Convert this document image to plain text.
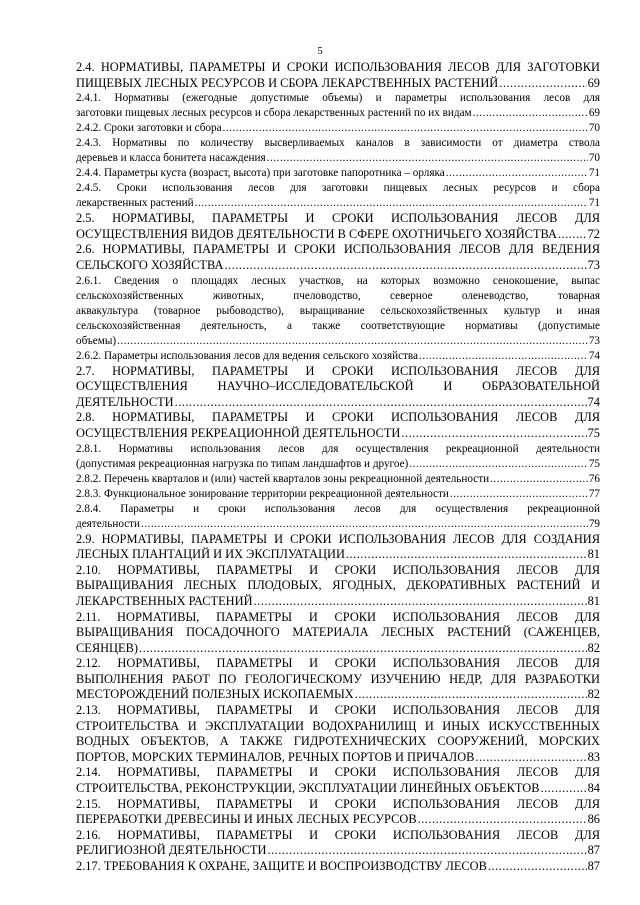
5
2.4. НОРМАТИВЫ, ПАРАМЕТРЫ И СРОКИ ИСПОЛЬЗОВАНИЯ ЛЕСОВ ДЛЯ ЗАГОТОВКИ
ПИЩЕВЫХ ЛЕСНЫХ РЕСУРСОВ И СБОРА ЛЕКАРСТВЕННЫХ РАСТЕНИЙ .....	69
2.4.1. Нормативы (ежегодные допустимые объемы) и параметры использования лесов для
заготовки пищевых лесных ресурсов и сбора лекарственных растений по их видам .....	69
2.4.2. Сроки заготовки и сбора .....	70
2.4.3. Нормативы по количеству высверливаемых каналов в зависимости от диаметра ствола
деревьев и класса бонитета насаждения .....	70
2.4.4. Параметры куста (возраст, высота) при заготовке папоротника – орляка .....	71
2.4.5. Сроки использования лесов для заготовки пищевых лесных ресурсов и сбора
лекарственных растений .....	71
2.5. НОРМАТИВЫ, ПАРАМЕТРЫ И СРОКИ ИСПОЛЬЗОВАНИЯ ЛЕСОВ ДЛЯ
ОСУЩЕСТВЛЕНИЯ ВИДОВ ДЕЯТЕЛЬНОСТИ В СФЕРЕ ОХОТНИЧЬЕГО ХОЗЯЙСТВА ..... 72
2.6. НОРМАТИВЫ, ПАРАМЕТРЫ И СРОКИ ИСПОЛЬЗОВАНИЯ ЛЕСОВ ДЛЯ ВЕДЕНИЯ
СЕЛЬСКОГО ХОЗЯЙСТВА .....	73
2.6.1. Сведения о площадях лесных участков, на которых возможно сенокошение, выпас
сельскохозяйственных животных, пчеловодство, северное оленеводство, товарная
аквакультура (товарное рыбоводство), выращивание сельскохозяйственных культур и иная
сельскохозяйственная деятельность, а также соответствующие нормативы (допустимые
объемы) .....	73
2.6.2. Параметры использования лесов для ведения сельского хозяйства .....	74
2.7. НОРМАТИВЫ, ПАРАМЕТРЫ И СРОКИ ИСПОЛЬЗОВАНИЯ ЛЕСОВ ДЛЯ
ОСУЩЕСТВЛЕНИЯ НАУЧНО–ИССЛЕДОВАТЕЛЬСКОЙ И ОБРАЗОВАТЕЛЬНОЙ
ДЕЯТЕЛЬНОСТИ .....	74
2.8. НОРМАТИВЫ, ПАРАМЕТРЫ И СРОКИ ИСПОЛЬЗОВАНИЯ ЛЕСОВ ДЛЯ
ОСУЩЕСТВЛЕНИЯ РЕКРЕАЦИОННОЙ ДЕЯТЕЛЬНОСТИ .....	75
2.8.1. Нормативы использования лесов для осуществления рекреационной деятельности
(допустимая рекреационная нагрузка по типам ландшафтов и другое) .....	75
2.8.2. Перечень кварталов и (или) частей кварталов зоны рекреационной деятельности .....	76
2.8.3. Функциональное зонирование территории рекреационной деятельности .....	77
2.8.4. Параметры и сроки использования лесов для осуществления рекреационной
деятельности .....	79
2.9. НОРМАТИВЫ, ПАРАМЕТРЫ И СРОКИ ИСПОЛЬЗОВАНИЯ ЛЕСОВ ДЛЯ СОЗДАНИЯ
ЛЕСНЫХ ПЛАНТАЦИЙ И ИХ ЭКСПЛУАТАЦИИ .....	81
2.10. НОРМАТИВЫ, ПАРАМЕТРЫ И СРОКИ ИСПОЛЬЗОВАНИЯ ЛЕСОВ ДЛЯ
ВЫРАЩИВАНИЯ ЛЕСНЫХ ПЛОДОВЫХ, ЯГОДНЫХ, ДЕКОРАТИВНЫХ РАСТЕНИЙ И
ЛЕКАРСТВЕННЫХ РАСТЕНИЙ .....	81
2.11. НОРМАТИВЫ, ПАРАМЕТРЫ И СРОКИ ИСПОЛЬЗОВАНИЯ ЛЕСОВ ДЛЯ
ВЫРАЩИВАНИЯ ПОСАДОЧНОГО МАТЕРИАЛА ЛЕСНЫХ РАСТЕНИЙ (САЖЕНЦЕВ,
СЕЯНЦЕВ) .....	82
2.12. НОРМАТИВЫ, ПАРАМЕТРЫ И СРОКИ ИСПОЛЬЗОВАНИЯ ЛЕСОВ ДЛЯ
ВЫПОЛНЕНИЯ РАБОТ ПО ГЕОЛОГИЧЕСКОМУ ИЗУЧЕНИЮ НЕДР, ДЛЯ РАЗРАБОТКИ
МЕСТОРОЖДЕНИЙ ПОЛЕЗНЫХ ИСКОПАЕМЫХ .....	82
2.13. НОРМАТИВЫ, ПАРАМЕТРЫ И СРОКИ ИСПОЛЬЗОВАНИЯ ЛЕСОВ ДЛЯ
СТРОИТЕЛЬСТВА И ЭКСПЛУАТАЦИИ ВОДОХРАНИЛИЩ И ИНЫХ ИСКУССТВЕННЫХ
ВОДНЫХ ОБЪЕКТОВ, А ТАКЖЕ ГИДРОТЕХНИЧЕСКИХ СООРУЖЕНИЙ, МОРСКИХ
ПОРТОВ, МОРСКИХ ТЕРМИНАЛОВ, РЕЧНЫХ ПОРТОВ И ПРИЧАЛОВ .....	83
2.14. НОРМАТИВЫ, ПАРАМЕТРЫ И СРОКИ ИСПОЛЬЗОВАНИЯ ЛЕСОВ ДЛЯ
СТРОИТЕЛЬСТВА, РЕКОНСТРУКЦИИ, ЭКСПЛУАТАЦИИ ЛИНЕЙНЫХ ОБЪЕКТОВ .....	84
2.15. НОРМАТИВЫ, ПАРАМЕТРЫ И СРОКИ ИСПОЛЬЗОВАНИЯ ЛЕСОВ ДЛЯ
ПЕРЕРАБОТКИ ДРЕВЕСИНЫ И ИНЫХ ЛЕСНЫХ РЕСУРСОВ .....	86
2.16. НОРМАТИВЫ, ПАРАМЕТРЫ И СРОКИ ИСПОЛЬЗОВАНИЯ ЛЕСОВ ДЛЯ
РЕЛИГИОЗНОЙ ДЕЯТЕЛЬНОСТИ .....	87
2.17. ТРЕБОВАНИЯ К ОХРАНЕ, ЗАЩИТЕ И ВОСПРОИЗВОДСТВУ ЛЕСОВ .....	87
